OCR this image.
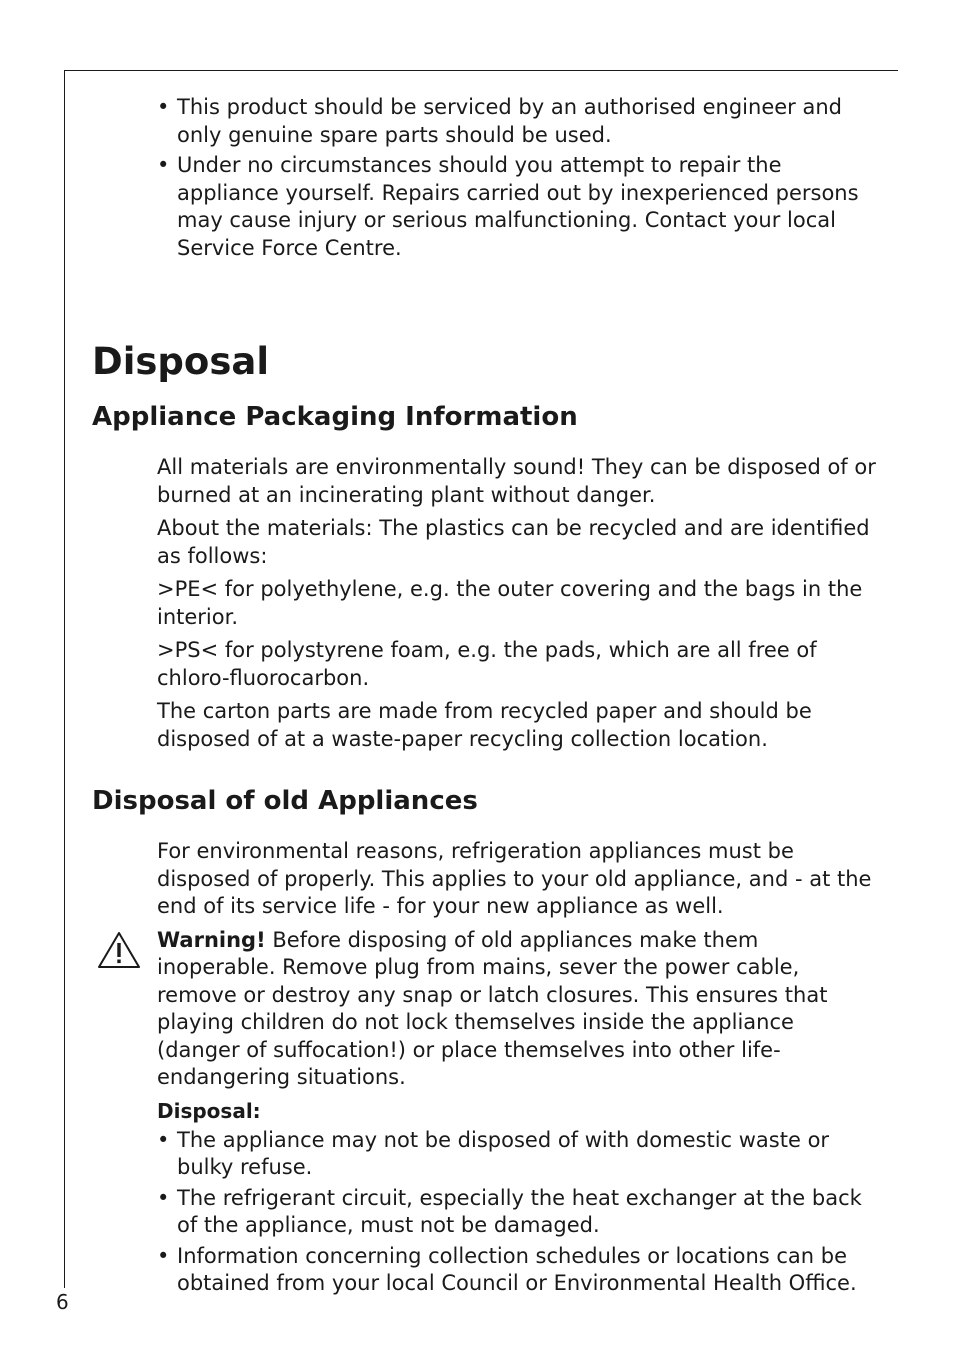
• This product should be serviced by an authorised engineer and only genuine spare parts should be used.
• Under no circumstances should you attempt to repair the appliance yourself. Repairs carried out by inexperienced persons may cause injury or serious malfunctioning. Contact your local Service Force Centre.
Disposal
Appliance Packaging Information

All materials are environmentally sound! They can be disposed of or burned at an incinerating plant without danger.

About the materials: The plastics can be recycled and are identified as follows:

>PE< for polyethylene, e.g. the outer covering and the bags in the interior.

>PS< for polystyrene foam, e.g. the pads, which are all free of chloro-fluorocarbon.

The carton parts are made from recycled paper and should be disposed of at a waste-paper recycling collection location.

Disposal of old Appliances

For environmental reasons, refrigeration appliances must be disposed of properly. This applies to your old appliance, and - at the end of its service life - for your new appliance as well.

Warning! Before disposing of old appliances make them inoperable. Remove plug from mains, sever the power cable, remove or destroy any snap or latch closures. This ensures that playing children do not lock themselves inside the appliance (danger of suffocation!) or place themselves into other life-endangering situations.

Disposal:

• The appliance may not be disposed of with domestic waste or bulky refuse.
• The refrigerant circuit, especially the heat exchanger at the back of the appliance, must not be damaged.
• Information concerning collection schedules or locations can be obtained from your local Council or Environmental Health Office.
6
